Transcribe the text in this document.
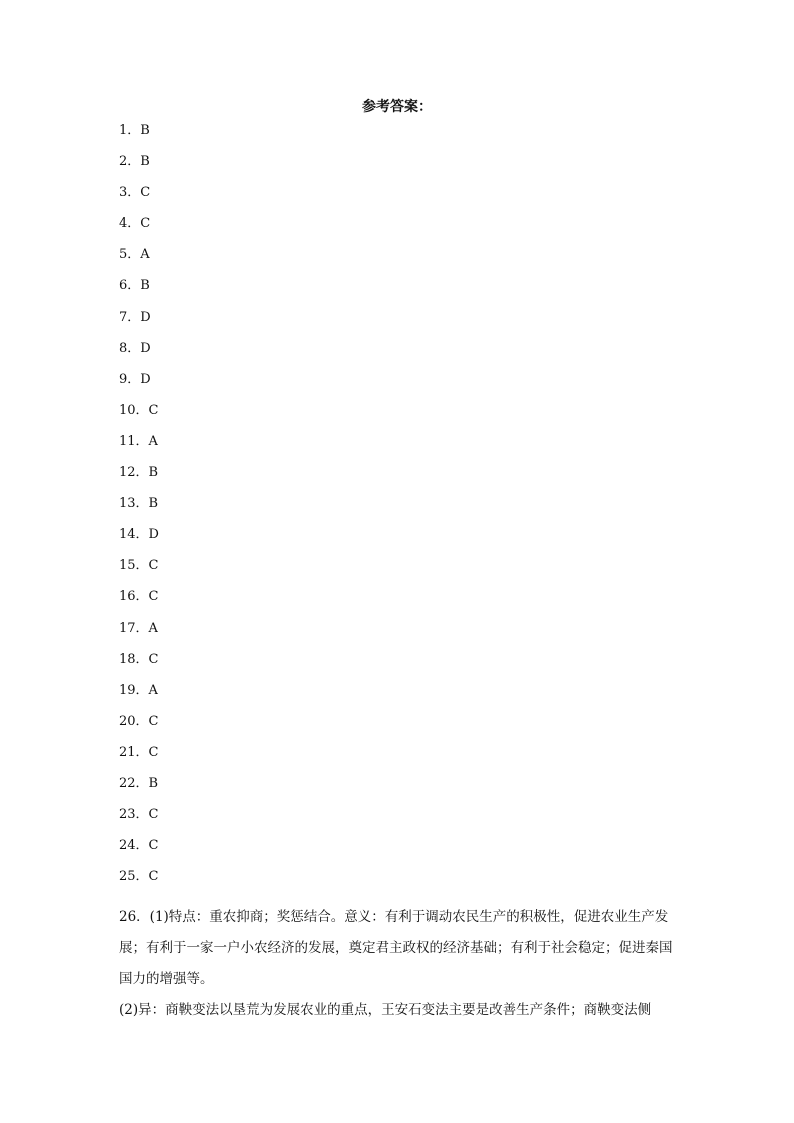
参考答案：
1．B
2．B
3．C
4．C
5．A
6．B
7．D
8．D
9．D
10．C
11．A
12．B
13．B
14．D
15．C
16．C
17．A
18．C
19．A
20．C
21．C
22．B
23．C
24．C
25．C

26．(1)特点：重农抑商；奖惩结合。意义：有利于调动农民生产的积极性，促进农业生产发展；有利于一家一户小农经济的发展，奠定君主政权的经济基础；有利于社会稳定；促进秦国国力的增强等。

(2)异：商鞅变法以垦荒为发展农业的重点，王安石变法主要是改善生产条件；商鞅变法侧
